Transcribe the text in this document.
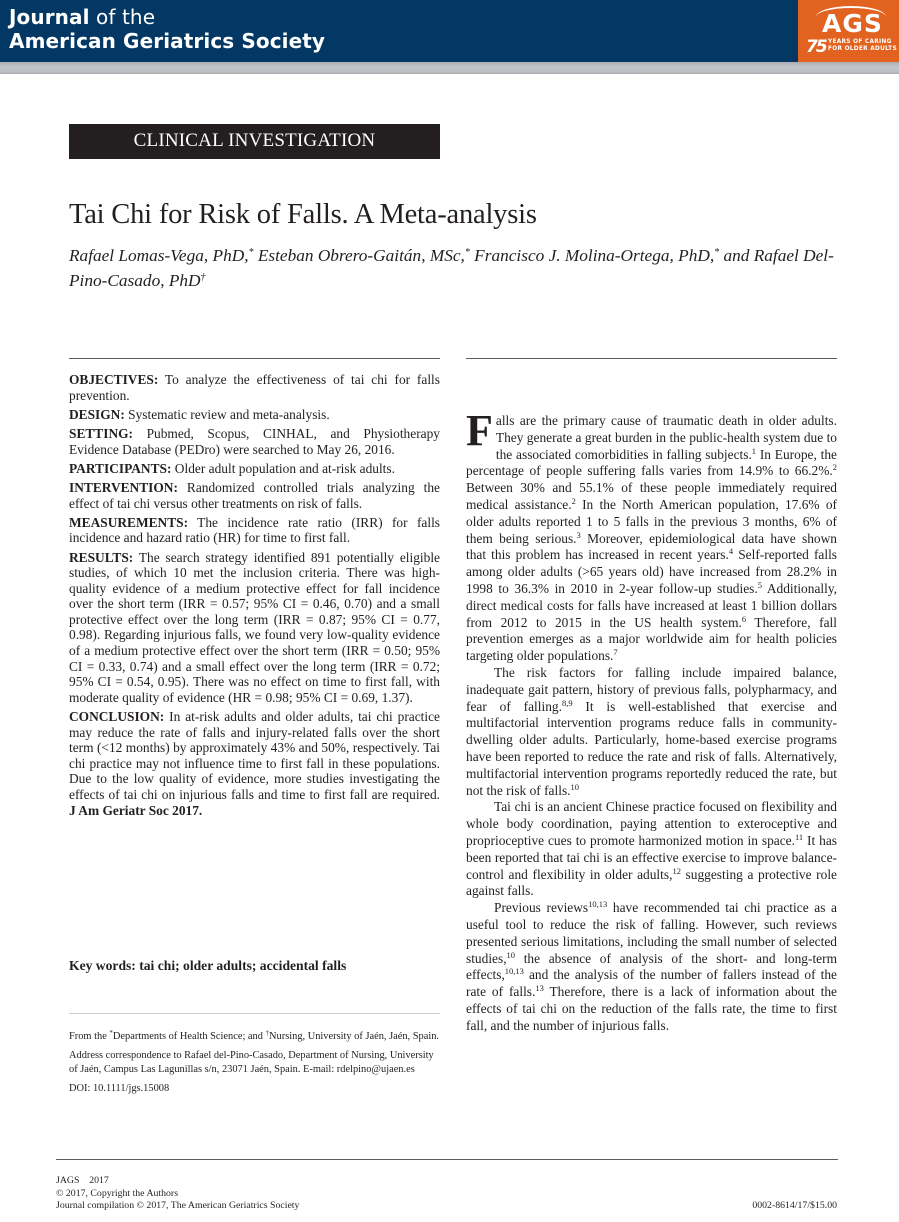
Journal of the
American Geriatrics Society
AGS
75 YEARS OF CARING
FOR OLDER ADULTS
CLINICAL INVESTIGATION
Tai Chi for Risk of Falls. A Meta-analysis
Rafael Lomas-Vega, PhD,* Esteban Obrero-Gaitán, MSc,* Francisco J. Molina-Ortega, PhD,* and Rafael Del-Pino-Casado, PhD†

OBJECTIVES: To analyze the effectiveness of tai chi for falls prevention.

DESIGN: Systematic review and meta-analysis.

SETTING: Pubmed, Scopus, CINHAL, and Physiotherapy Evidence Database (PEDro) were searched to May 26, 2016.

PARTICIPANTS: Older adult population and at-risk adults.

INTERVENTION: Randomized controlled trials analyzing the effect of tai chi versus other treatments on risk of falls.

MEASUREMENTS: The incidence rate ratio (IRR) for falls incidence and hazard ratio (HR) for time to first fall.

RESULTS: The search strategy identified 891 potentially eligible studies, of which 10 met the inclusion criteria. There was high-quality evidence of a medium protective effect for fall incidence over the short term (IRR = 0.57; 95% CI = 0.46, 0.70) and a small protective effect over the long term (IRR = 0.87; 95% CI = 0.77, 0.98). Regarding injurious falls, we found very low-quality evidence of a medium protective effect over the short term (IRR = 0.50; 95% CI = 0.33, 0.74) and a small effect over the long term (IRR = 0.72; 95% CI = 0.54, 0.95). There was no effect on time to first fall, with moderate quality of evidence (HR = 0.98; 95% CI = 0.69, 1.37).

CONCLUSION: In at-risk adults and older adults, tai chi practice may reduce the rate of falls and injury-related falls over the short term (<12 months) by approximately 43% and 50%, respectively. Tai chi practice may not influence time to first fall in these populations. Due to the low quality of evidence, more studies investigating the effects of tai chi on injurious falls and time to first fall are required. J Am Geriatr Soc 2017.

Key words: tai chi; older adults; accidental falls

From the *Departments of Health Science; and †Nursing, University of Jaén, Jaén, Spain.

Address correspondence to Rafael del-Pino-Casado, Department of Nursing, University of Jaén, Campus Las Lagunillas s/n, 23071 Jaén, Spain. E-mail: rdelpino@ujaen.es

DOI: 10.1111/jgs.15008

Falls are the primary cause of traumatic death in older adults. They generate a great burden in the public-health system due to the associated comorbidities in falling subjects.$^1$ In Europe, the percentage of people suffering falls varies from 14.9% to 66.2%.$^2$ Between 30% and 55.1% of these people immediately required medical assistance.$^2$ In the North American population, 17.6% of older adults reported 1 to 5 falls in the previous 3 months, 6% of them being serious.$^3$ Moreover, epidemiological data have shown that this problem has increased in recent years.$^4$ Self-reported falls among older adults (>65 years old) have increased from 28.2% in 1998 to 36.3% in 2010 in 2-year follow-up studies.$^5$ Additionally, direct medical costs for falls have increased at least 1 billion dollars from 2012 to 2015 in the US health system.$^6$ Therefore, fall prevention emerges as a major worldwide aim for health policies targeting older populations.$^7$

The risk factors for falling include impaired balance, inadequate gait pattern, history of previous falls, polypharmacy, and fear of falling.$^{8,9}$ It is well-established that exercise and multifactorial intervention programs reduce falls in community-dwelling older adults. Particularly, home-based exercise programs have been reported to reduce the rate and risk of falls. Alternatively, multifactorial intervention programs reportedly reduced the rate, but not the risk of falls.$^{10}$

Tai chi is an ancient Chinese practice focused on flexibility and whole body coordination, paying attention to exteroceptive and proprioceptive cues to promote harmonized motion in space.$^{11}$ It has been reported that tai chi is an effective exercise to improve balance-control and flexibility in older adults,$^{12}$ suggesting a protective role against falls.

Previous reviews$^{10,13}$ have recommended tai chi practice as a useful tool to reduce the risk of falling. However, such reviews presented serious limitations, including the small number of selected studies,$^{10}$ the absence of analysis of the short- and long-term effects,$^{10,13}$ and the analysis of the number of fallers instead of the rate of falls.$^{13}$ Therefore, there is a lack of information about the effects of tai chi on the reduction of the falls rate, the time to first fall, and the number of injurious falls.

JAGS    2017
© 2017, Copyright the Authors
Journal compilation © 2017, The American Geriatrics Society	0002-8614/17/$15.00
